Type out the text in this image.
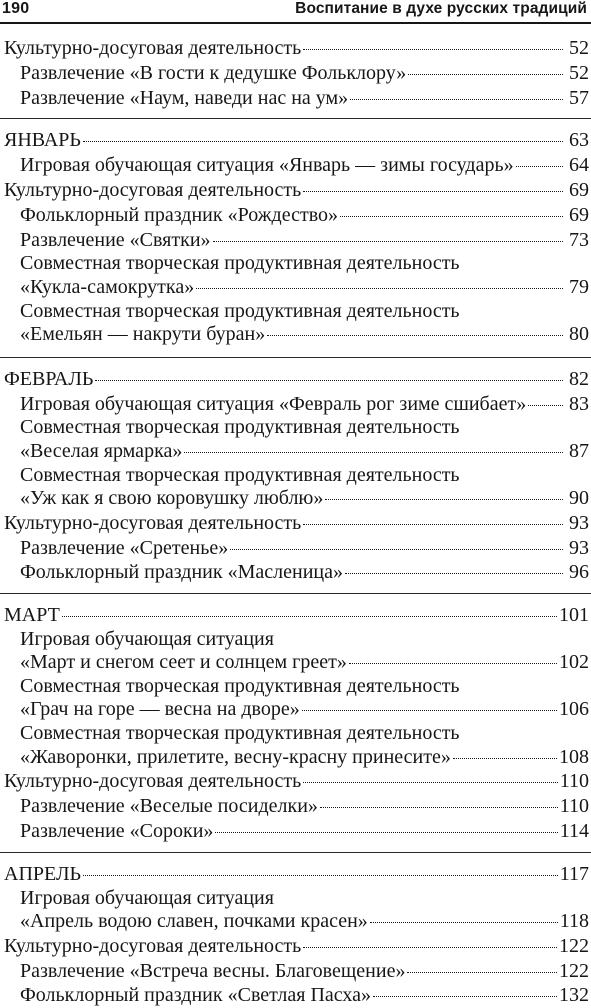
190	Воспитание в духе русских традиций
Культурно-досуговая деятельность	52
Развлечение «В гости к дедушке Фольклору»	52
Развлечение «Наум, наведи нас на ум»	57
ЯНВАРЬ	63
Игровая обучающая ситуация «Январь — зимы государь»	64
Культурно-досуговая деятельность	69
Фольклорный праздник «Рождество»	69
Развлечение «Святки»	73
Совместная творческая продуктивная деятельность
«Кукла-самокрутка»	79
Совместная творческая продуктивная деятельность
«Емельян — накрути буран»	80
ФЕВРАЛЬ	82
Игровая обучающая ситуация «Февраль рог зиме сшибает» 83
Совместная творческая продуктивная деятельность
«Веселая ярмарка»	87
Совместная творческая продуктивная деятельность
«Уж как я свою коровушку люблю»	90
Культурно-досуговая деятельность	93
Развлечение «Сретенье»	93
Фольклорный праздник «Масленица»	96
МАРТ	101
Игровая обучающая ситуация
«Март и снегом сеет и солнцем греет»	102
Совместная творческая продуктивная деятельность
«Грач на горе — весна на дворе»	106
Совместная творческая продуктивная деятельность
«Жаворонки, прилетите, весну-красну принесите»	108
Культурно-досуговая деятельность	110
Развлечение «Веселые посиделки»	110
Развлечение «Сороки»	114
АПРЕЛЬ	117
Игровая обучающая ситуация
«Апрель водою славен, почками красен»	118
Культурно-досуговая деятельность	122
Развлечение «Встреча весны. Благовещение»	122
Фольклорный праздник «Светлая Пасха»	132
